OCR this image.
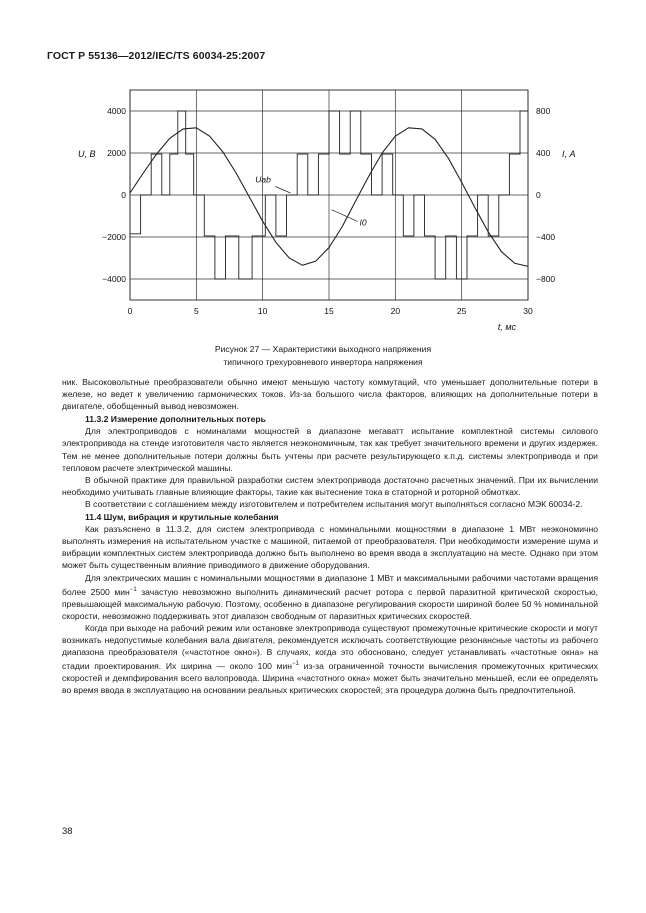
ГОСТ Р 55136—2012/IEC/TS 60034-25:2007
4000
2000
0
−2000
−4000
800
400
0
−400
−800
0	5	10	15	20	25	30
U, В	I, А
t, мс
Uab
I0
Рисунок 27 — Характеристики выходного напряжения
типичного трехуровневого инвертора напряжения

ник. Высоковольтные преобразователи обычно имеют меньшую частоту коммутаций, что уменьшает дополнительные потери в железе, но ведет к увеличению гармонических токов. Из-за большого числа факторов, влияющих на дополнительные потери в двигателе, обобщенный вывод невозможен.

11.3.2 Измерение дополнительных потерь

Для электроприводов с номиналами мощностей в диапазоне мегаватт испытание комплектной системы силового электропривода на стенде изготовителя часто является неэкономичным, так как требует значительного времени и других издержек. Тем не менее дополнительные потери должны быть учтены при расчете результирующего к.п.д. системы электропривода и при тепловом расчете электрической машины.

В обычной практике для правильной разработки систем электропривода достаточно расчетных значений. При их вычислении необходимо учитывать главные влияющие факторы, такие как вытеснение тока в статорной и роторной обмотках.

В соответствии с соглашением между изготовителем и потребителем испытания могут выполняться согласно МЭК 60034-2.

11.4 Шум, вибрация и крутильные колебания

Как разъяснено в 11.3.2, для систем электропривода с номинальными мощностями в диапазоне 1 МВт неэкономично выполнять измерения на испытательном участке с машиной, питаемой от преобразователя. При необходимости измерение шума и вибрации комплектных систем электропривода должно быть выполнено во время ввода в эксплуатацию на месте. Однако при этом может быть существенным влияние приводимого в движение оборудования.

Для электрических машин с номинальными мощностями в диапазоне 1 МВт и максимальными рабочими частотами вращения более 2500 мин$^{-1}$ зачастую невозможно выполнить динамический расчет ротора с первой паразитной критической скоростью, превышающей максимальную рабочую. Поэтому, особенно в диапазоне регулирования скорости шириной более 50 % номинальной скорости, невозможно поддерживать этот диапазон свободным от паразитных критических скоростей.

Когда при выходе на рабочий режим или остановке электропривода существуют промежуточные критические скорости и могут возникать недопустимые колебания вала двигателя, рекомендуется исключать соответствующие резонансные частоты из рабочего диапазона преобразователя («частотное окно»). В случаях, когда это обосновано, следует устанавливать «частотные окна» на стадии проектирования. Их ширина — около 100 мин$^{-1}$ из-за ограниченной точности вычисления промежуточных критических скоростей и демпфирования всего валопровода. Ширина «частотного окна» может быть значительно меньшей, если ее определять во время ввода в эксплуатацию на основании реальных критических скоростей; эта процедура должна быть предпочтительной.

38
